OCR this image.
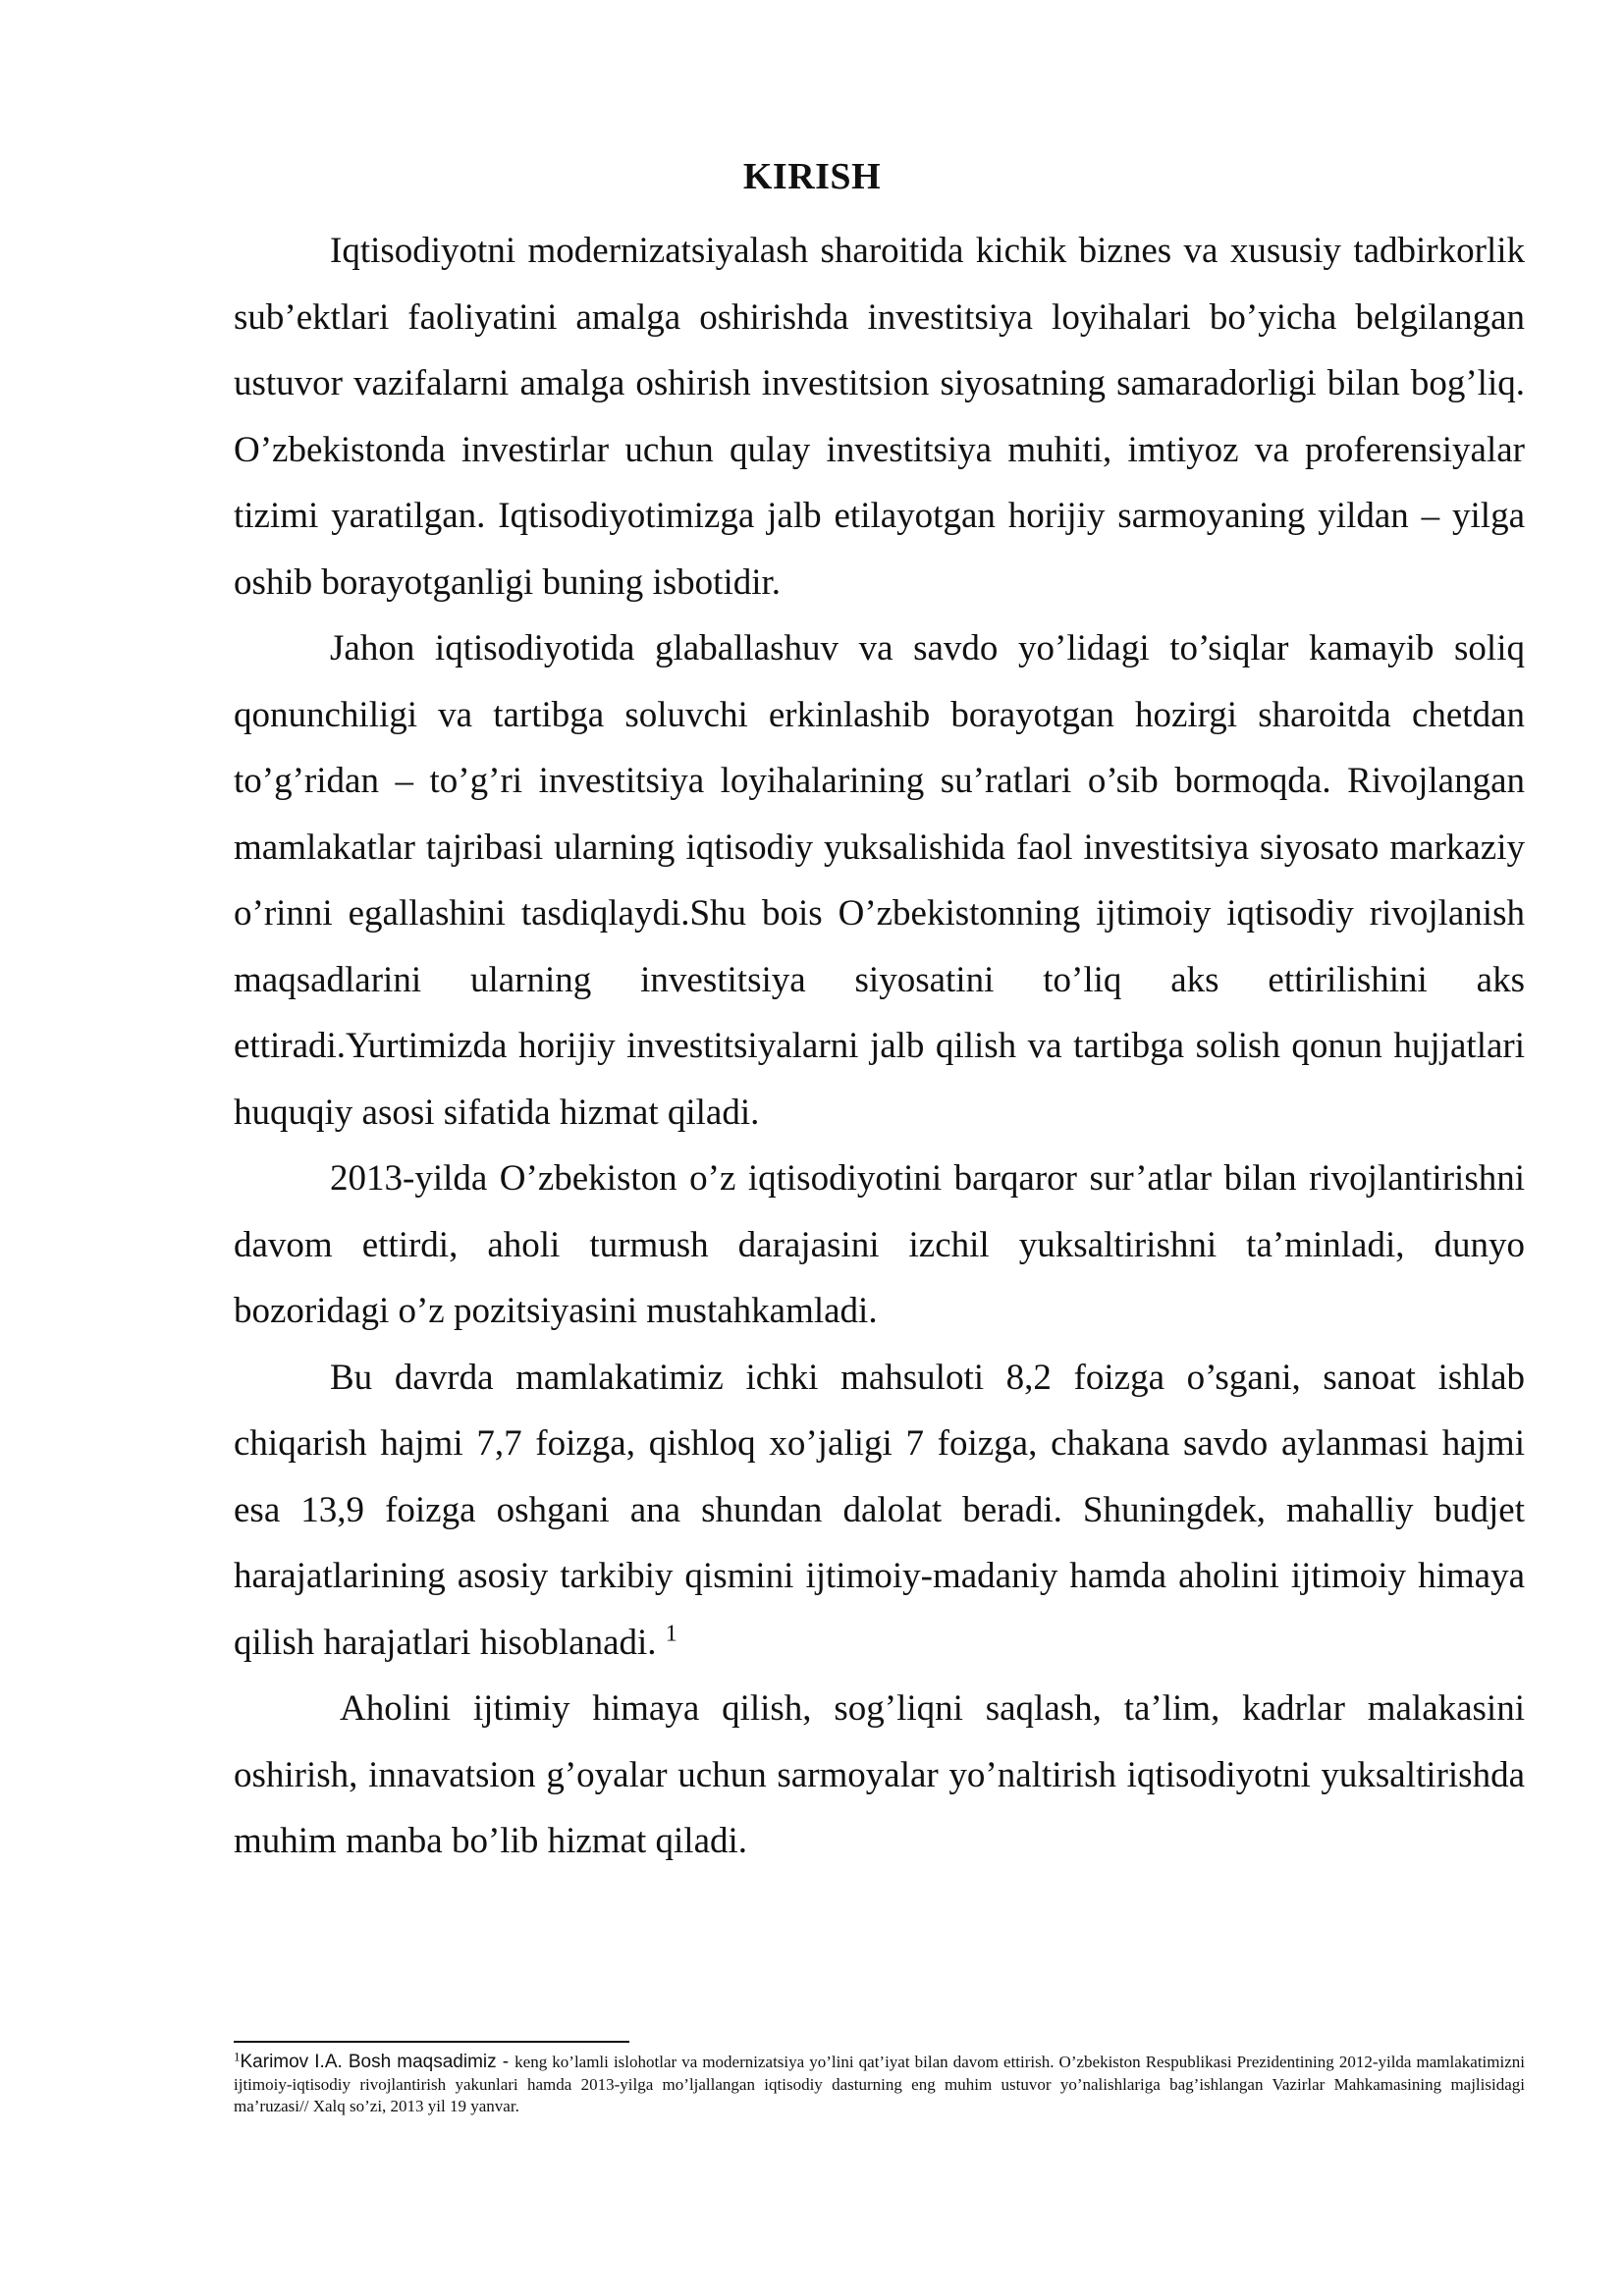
KIRISH

Iqtisodiyotni modernizatsiyalash sharoitida kichik biznes va xususiy tadbirkorlik sub’ektlari faoliyatini amalga oshirishda investitsiya loyihalari bo’yicha belgilangan ustuvor vazifalarni amalga oshirish investitsion siyosatning samaradorligi bilan bog’liq. O’zbekistonda investirlar uchun qulay investitsiya muhiti, imtiyoz va proferensiyalar tizimi yaratilgan. Iqtisodiyotimizga jalb etilayotgan horijiy sarmoyaning yildan – yilga oshib borayotganligi buning isbotidir.

Jahon iqtisodiyotida glaballashuv va savdo yo’lidagi to’siqlar kamayib soliq qonunchiligi va tartibga soluvchi erkinlashib borayotgan hozirgi sharoitda chetdan to’g’ridan – to’g’ri investitsiya loyihalarining su’ratlari o’sib bormoqda. Rivojlangan mamlakatlar tajribasi ularning iqtisodiy yuksalishida faol investitsiya siyosato markaziy o’rinni egallashini tasdiqlaydi.Shu bois O’zbekistonning ijtimoiy iqtisodiy rivojlanish maqsadlarini ularning investitsiya siyosatini to’liq aks ettirilishini aks ettiradi.Yurtimizda horijiy investitsiyalarni jalb qilish va tartibga solish qonun hujjatlari huquqiy asosi sifatida hizmat qiladi.

2013-yilda O’zbekiston o’z iqtisodiyotini barqaror sur’atlar bilan rivojlantirishni davom ettirdi, aholi turmush darajasini izchil yuksaltirishni ta’minladi, dunyo bozoridagi o’z pozitsiyasini mustahkamladi.

Bu davrda mamlakatimiz ichki mahsuloti 8,2 foizga o’sgani, sanoat ishlab chiqarish hajmi 7,7 foizga, qishloq xo’jaligi 7 foizga, chakana savdo aylanmasi hajmi esa 13,9 foizga oshgani ana shundan dalolat beradi. Shuningdek, mahalliy budjet harajatlarining asosiy tarkibiy qismini ijtimoiy-madaniy hamda aholini ijtimoiy himaya qilish harajatlari hisoblanadi. $^1$

Aholini ijtimiy himaya qilish, sog’liqni saqlash, ta’lim, kadrlar malakasini oshirish, innavatsion g’oyalar uchun sarmoyalar yo’naltirish iqtisodiyotni yuksaltirishda muhim manba bo’lib hizmat qiladi.

$^1$Karimov I.A. Bosh maqsadimiz - keng ko’lamli islohotlar va modernizatsiya yo’lini qat’iyat bilan davom ettirish. O’zbekiston Respublikasi Prezidentining 2012-yilda mamlakatimizni ijtimoiy-iqtisodiy rivojlantirish yakunlari hamda 2013-yilga mo’ljallangan iqtisodiy dasturning eng muhim ustuvor yo’nalishlariga bag’ishlangan Vazirlar Mahkamasining majlisidagi ma’ruzasi// Xalq so’zi, 2013 yil 19 yanvar.
